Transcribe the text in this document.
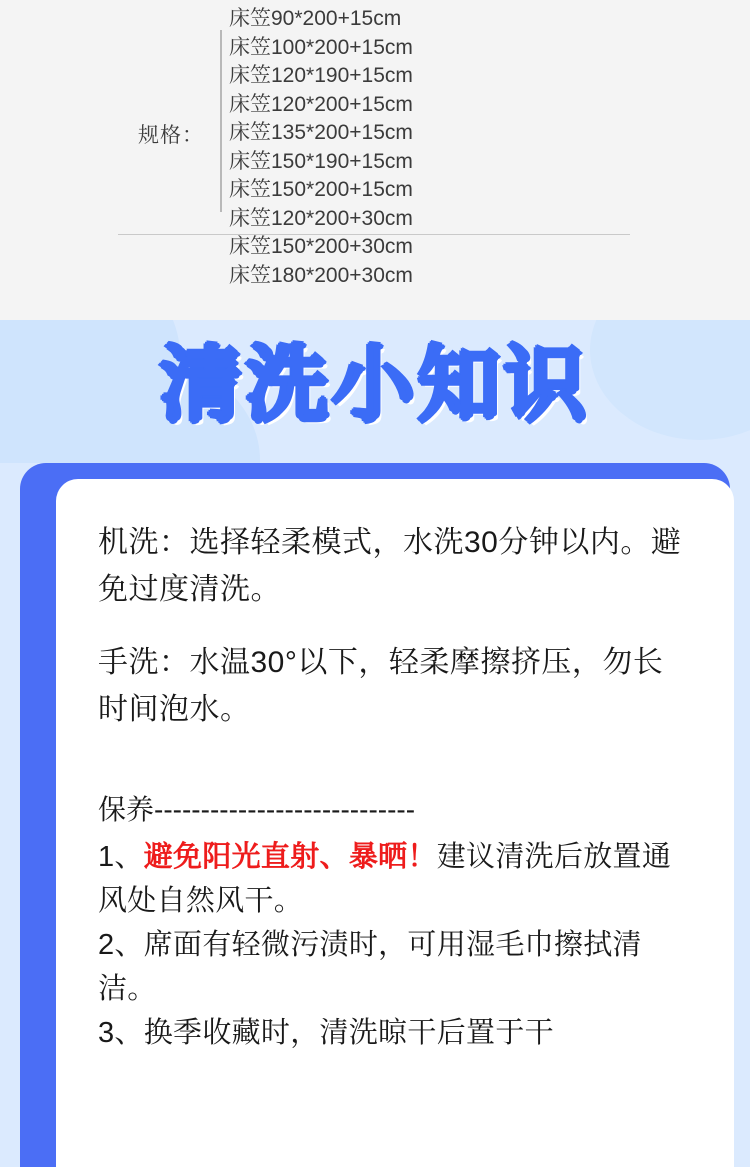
规格：
床笠90*200+15cm
床笠100*200+15cm
床笠120*190+15cm
床笠120*200+15cm
床笠135*200+15cm
床笠150*190+15cm
床笠150*200+15cm
床笠120*200+30cm
床笠150*200+30cm
床笠180*200+30cm
清洗小知识

机洗：选择轻柔模式，水洗30分钟以内。避免过度清洗。

手洗：水温30°以下，轻柔摩擦挤压，勿长时间泡水。

保养----------------------------

1、避免阳光直射、暴晒！建议清洗后放置通风处自然风干。

2、席面有轻微污渍时，可用湿毛巾擦拭清洁。

3、换季收藏时，清洗晾干后置于干
